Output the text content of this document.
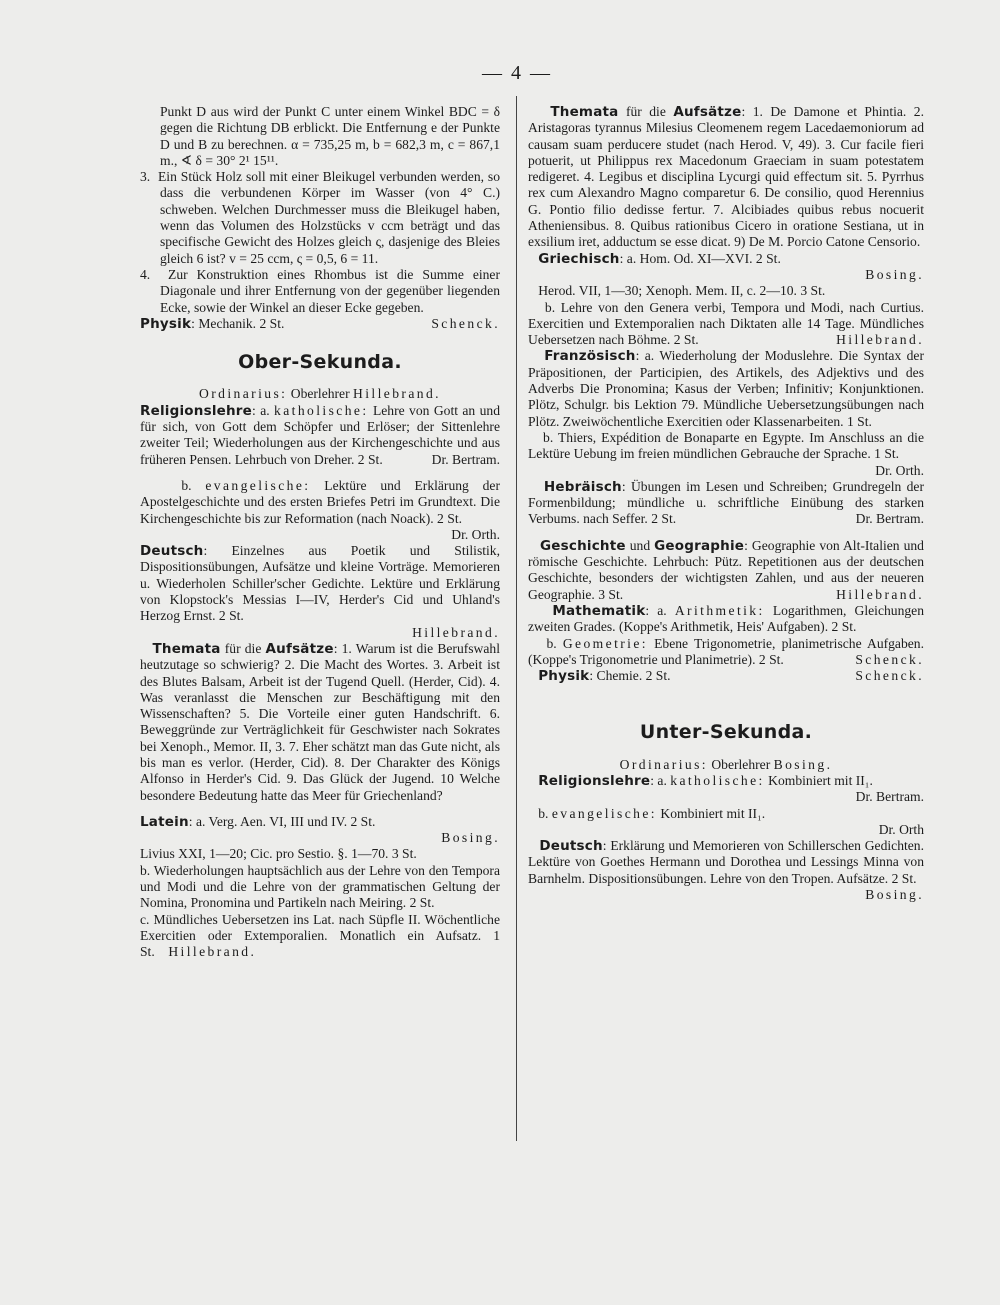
— 4 —

Punkt D aus wird der Punkt C unter einem Winkel BDC = δ gegen die Richtung DB erblickt. Die Entfernung e der Punkte D und B zu berechnen. α = 735,25 m, b = 682,3 m, c = 867,1 m., ∢ δ = 30° 2¹ 15¹¹.

3. Ein Stück Holz soll mit einer Bleikugel verbunden werden, so dass die verbundenen Körper im Wasser (von 4° C.) schweben. Welchen Durchmesser muss die Bleikugel haben, wenn das Volumen des Holzstücks v ccm beträgt und das specifische Gewicht des Holzes gleich ς, dasjenige des Bleies gleich 6 ist? v = 25 ccm, ς = 0,5, 6 = 11.

4. Zur Konstruktion eines Rhombus ist die Summe einer Diagonale und ihrer Entfernung von der gegenüber liegenden Ecke, sowie der Winkel an dieser Ecke gegeben.

Physik: Mechanik. 2 St.	Schenck.

Ober-Sekunda.

Ordinarius: Oberlehrer Hillebrand.

Religionslehre: a. katholische: Lehre von Gott an und für sich, von Gott dem Schöpfer und Erlöser; der Sittenlehre zweiter Teil; Wiederholungen aus der Kirchengeschichte und aus früheren Pensen. Lehrbuch von Dreher. 2 St.	Dr. Bertram.

b. evangelische: Lektüre und Erklärung der Apostelgeschichte und des ersten Briefes Petri im Grundtext. Die Kirchengeschichte bis zur Reformation (nach Noack). 2 St.
Dr. Orth.

Deutsch: Einzelnes aus Poetik und Stilistik, Dispositionsübungen, Aufsätze und kleine Vorträge. Memorieren u. Wiederholen Schiller'scher Gedichte. Lektüre und Erklärung von Klopstock's Messias I—IV, Herder's Cid und Uhland's Herzog Ernst. 2 St.

Hillebrand.

Themata für die Aufsätze: 1. Warum ist die Berufswahl heutzutage so schwierig? 2. Die Macht des Wortes. 3. Arbeit ist des Blutes Balsam, Arbeit ist der Tugend Quell. (Herder, Cid). 4. Was veranlasst die Menschen zur Beschäftigung mit den Wissenschaften? 5. Die Vorteile einer guten Handschrift. 6. Beweggründe zur Verträglichkeit für Geschwister nach Sokrates bei Xenoph., Memor. II, 3. 7. Eher schätzt man das Gute nicht, als bis man es verlor. (Herder, Cid). 8. Der Charakter des Königs Alfonso in Herder's Cid. 9. Das Glück der Jugend. 10 Welche besondere Bedeutung hatte das Meer für Griechenland?

Latein: a. Verg. Aen. VI, III und IV. 2 St.

Bosing.

Livius XXI, 1—20; Cic. pro Sestio. §. 1—70. 3 St.

b. Wiederholungen hauptsächlich aus der Lehre von den Tempora und Modi und die Lehre von der grammatischen Geltung der Nomina, Pronomina und Partikeln nach Meiring. 2 St.

c. Mündliches Uebersetzen ins Lat. nach Süpfle II. Wöchentliche Exercitien oder Extemporalien. Monatlich ein Aufsatz. 1 St. Hillebrand.

Themata für die Aufsätze: 1. De Damone et Phintia. 2. Aristagoras tyrannus Milesius Cleomenem regem Lacedaemoniorum ad causam suam perducere studet (nach Herod. V, 49). 3. Cur facile fieri potuerit, ut Philippus rex Macedonum Graeciam in suam potestatem redigeret. 4. Legibus et disciplina Lycurgi quid effectum sit. 5. Pyrrhus rex cum Alexandro Magno comparetur 6. De consilio, quod Herennius G. Pontio filio dedisse fertur. 7. Alcibiades quibus rebus nocuerit Atheniensibus. 8. Quibus rationibus Cicero in oratione Sestiana, ut in exsilium iret, adductum se esse dicat. 9) De M. Porcio Catone Censorio.

Griechisch: a. Hom. Od. XI—XVI. 2 St.

Bosing.

Herod. VII, 1—30; Xenoph. Mem. II, c. 2—10. 3 St.

b. Lehre von den Genera verbi, Tempora und Modi, nach Curtius. Exercitien und Extemporalien nach Diktaten alle 14 Tage. Mündliches Uebersetzen nach Böhme. 2 St.	Hillebrand.

Französisch: a. Wiederholung der Moduslehre. Die Syntax der Präpositionen, der Participien, des Artikels, des Adjektivs und des Adverbs Die Pronomina; Kasus der Verben; Infinitiv; Konjunktionen. Plötz, Schulgr. bis Lektion 79. Mündliche Uebersetzungsübungen nach Plötz. Zweiwöchentliche Exercitien oder Klassenarbeiten. 1 St.

b. Thiers, Expédition de Bonaparte en Egypte. Im Anschluss an die Lektüre Uebung im freien mündlichen Gebrauche der Sprache. 1 St.
Dr. Orth.

Hebräisch: Übungen im Lesen und Schreiben; Grundregeln der Formenbildung; mündliche u. schriftliche Einübung des starken Verbums. nach Seffer. 2 St.	Dr. Bertram.

Geschichte und Geographie: Geographie von Alt-Italien und römische Geschichte. Lehrbuch: Pütz. Repetitionen aus der deutschen Geschichte, besonders der wichtigsten Zahlen, und aus der neueren Geographie. 3 St.	Hillebrand.

Mathematik: a. Arithmetik: Logarithmen, Gleichungen zweiten Grades. (Koppe's Arithmetik, Heis' Aufgaben). 2 St.

b. Geometrie: Ebene Trigonometrie, planimetrische Aufgaben. (Koppe's Trigonometrie und Planimetrie). 2 St.	Schenck.

Physik: Chemie. 2 St.	Schenck.

Unter-Sekunda.

Ordinarius: Oberlehrer Bosing.

Religionslehre: a. katholische: Kombiniert mit II₁.
Dr. Bertram.

b. evangelische: Kombiniert mit II₁.

Dr. Orth

Deutsch: Erklärung und Memorieren von Schillerschen Gedichten. Lektüre von Goethes Hermann und Dorothea und Lessings Minna von Barnhelm. Dispositionsübungen. Lehre von den Tropen. Aufsätze. 2 St.
Bosing.
